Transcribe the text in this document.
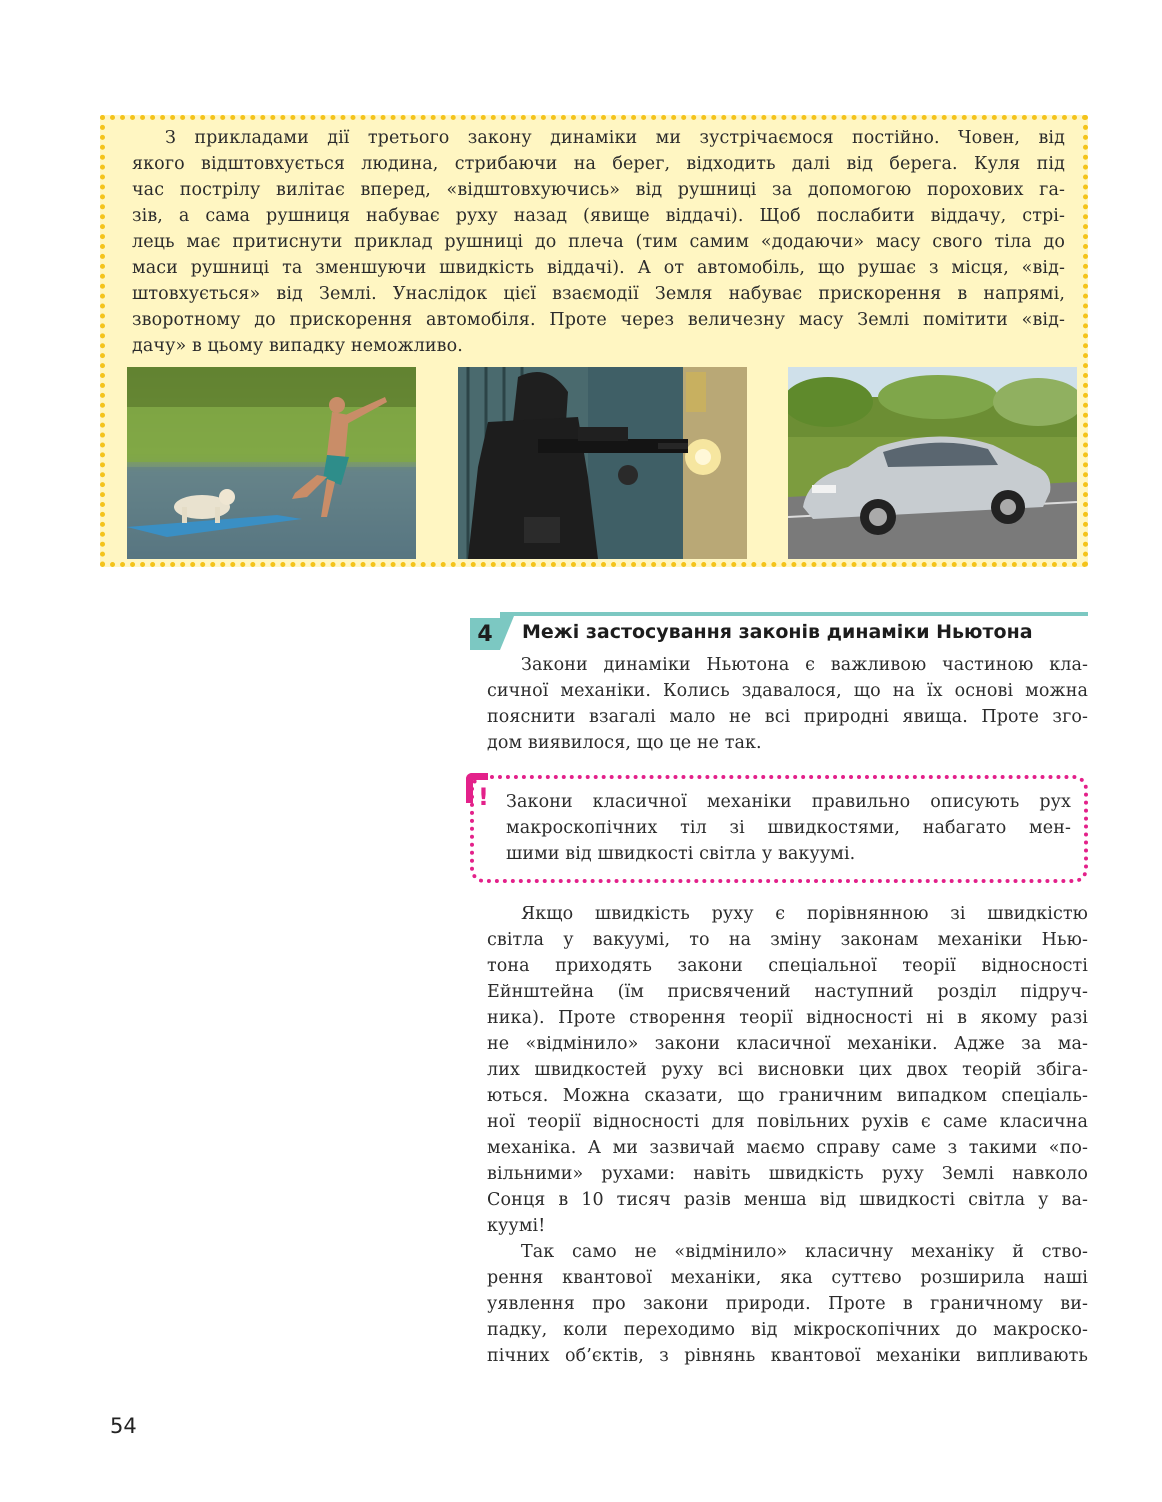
З прикладами дії третього закону динаміки ми зустрічаємося постійно. Човен, від
якого відштовхується людина, стрибаючи на берег, відходить далі від берега. Куля під
час пострілу вилітає вперед, «відштовхуючись» від рушниці за допомогою порохових га-
зів, а сама рушниця набуває руху назад (явище віддачі). Щоб послабити віддачу, стрі-
лець має притиснути приклад рушниці до плеча (тим самим «додаючи» масу свого тіла до
маси рушниці та зменшуючи швидкість віддачі). А от автомобіль, що рушає з місця, «від-
штовхується» від Землі. Унаслідок цієї взаємодії Земля набуває прискорення в напрямі,
зворотному до прискорення автомобіля. Проте через величезну масу Землі помітити «від-
дачу» в цьому випадку неможливо.
4	Межі застосування законів динаміки Ньютона
Закони динаміки Ньютона є важливою частиною кла-
сичної механіки. Колись здавалося, що на їх основі можна
пояснити взагалі мало не всі природні явища. Проте зго-
дом виявилося, що це не так.
! Закони класичної механіки правильно описують рух
макроскопічних тіл зі швидкостями, набагато мен-
шими від швидкості світла у вакуумі.
Якщо швидкість руху є порівнянною зі швидкістю
світла у вакуумі, то на зміну законам механіки Нью-
тона приходять закони спеціальної теорії відносності
Ейнштейна (їм присвячений наступний розділ підруч-
ника). Проте створення теорії відносності ні в якому разі
не «відмінило» закони класичної механіки. Адже за ма-
лих швидкостей руху всі висновки цих двох теорій збіга-
ються. Можна сказати, що граничним випадком спеціаль-
ної теорії відносності для повільних рухів є саме класична
механіка. А ми зазвичай маємо справу саме з такими «по-
вільними» рухами: навіть швидкість руху Землі навколо
Сонця в 10 тисяч разів менша від швидкості світла у ва-
куумі!
Так само не «відмінило» класичну механіку й ство-
рення квантової механіки, яка суттєво розширила наші
уявлення про закони природи. Проте в граничному ви-
падку, коли переходимо від мікроскопічних до макроско-
пічних об’єктів, з рівнянь квантової механіки випливають
54
